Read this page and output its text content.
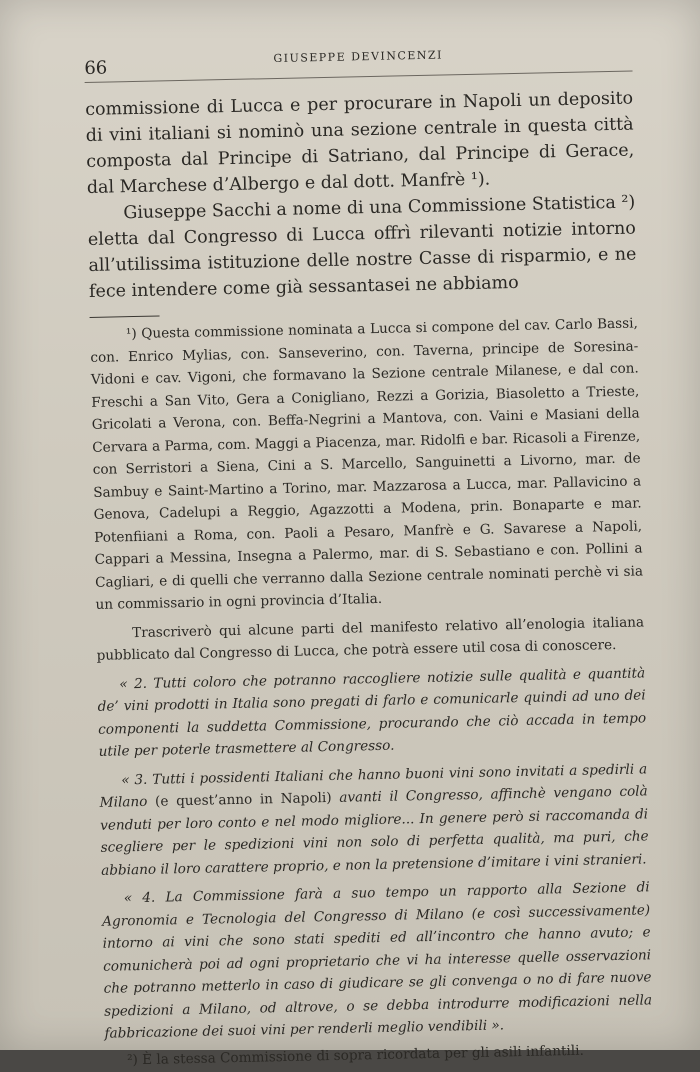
66
GIUSEPPE DEVINCENZI

commissione di Lucca e per procurare in Napoli un deposito di vini italiani si nominò una sezione centrale in questa città composta dal Principe di Satriano, dal Principe di Gerace, dal Marchese d’Albergo e dal dott. Manfrè ¹).

Giuseppe Sacchi a nome di una Commissione Statistica ²) eletta dal Congresso di Lucca offrì rilevanti notizie intorno all’utilissima istituzione delle nostre Casse di risparmio, e ne fece intendere come già sessantasei ne abbiamo

¹) Questa commissione nominata a Lucca si compone del cav. Carlo Bassi, con. Enrico Mylias, con. Sanseverino, con. Taverna, principe de Soresina-Vidoni e cav. Vigoni, che formavano la Sezione centrale Milanese, e dal con. Freschi a San Vito, Gera a Conigliano, Rezzi a Gorizia, Biasoletto a Trieste, Gricolati a Verona, con. Beffa-Negrini a Mantova, con. Vaini e Masiani della Cervara a Parma, com. Maggi a Piacenza, mar. Ridolfi e bar. Ricasoli a Firenze, con Serristori a Siena, Cini a S. Marcello, Sanguinetti a Livorno, mar. de Sambuy e Saint-Martino a Torino, mar. Mazzarosa a Lucca, mar. Pallavicino a Genova, Cadelupi a Reggio, Agazzotti a Modena, prin. Bonaparte e mar. Potenfiiani a Roma, con. Paoli a Pesaro, Manfrè e G. Savarese a Napoli, Cappari a Messina, Insegna a Palermo, mar. di S. Sebastiano e con. Pollini a Cagliari, e di quelli che verranno dalla Sezione centrale nominati perchè vi sia un commissario in ogni provincia d’Italia.

Trascriverò qui alcune parti del manifesto relativo all’enologia italiana pubblicato dal Congresso di Lucca, che potrà essere util cosa di conoscere.

« 2. Tutti coloro che potranno raccogliere notizie sulle qualità e quantità de’ vini prodotti in Italia sono pregati di farlo e comunicarle quindi ad uno dei componenti la suddetta Commissione, procurando che ciò accada in tempo utile per poterle trasmettere al Congresso.

« 3. Tutti i possidenti Italiani che hanno buoni vini sono invitati a spedirli a Milano (e quest’anno in Napoli) avanti il Congresso, affinchè vengano colà venduti per loro conto e nel modo migliore... In genere però si raccomanda di scegliere per le spedizioni vini non solo di perfetta qualità, ma puri, che abbiano il loro carattere proprio, e non la pretensione d’imitare i vini stranieri.

« 4. La Commissione farà a suo tempo un rapporto alla Sezione di Agronomia e Tecnologia del Congresso di Milano (e così successivamente) intorno ai vini che sono stati spediti ed all’incontro che hanno avuto; e comunicherà poi ad ogni proprietario che vi ha interesse quelle osservazioni che potranno metterlo in caso di giudicare se gli convenga o no di fare nuove spedizioni a Milano, od altrove, o se debba introdurre modificazioni nella fabbricazione dei suoi vini per renderli meglio vendibili ».

²) È la stessa Commissione di sopra ricordata per gli asili infantili.
